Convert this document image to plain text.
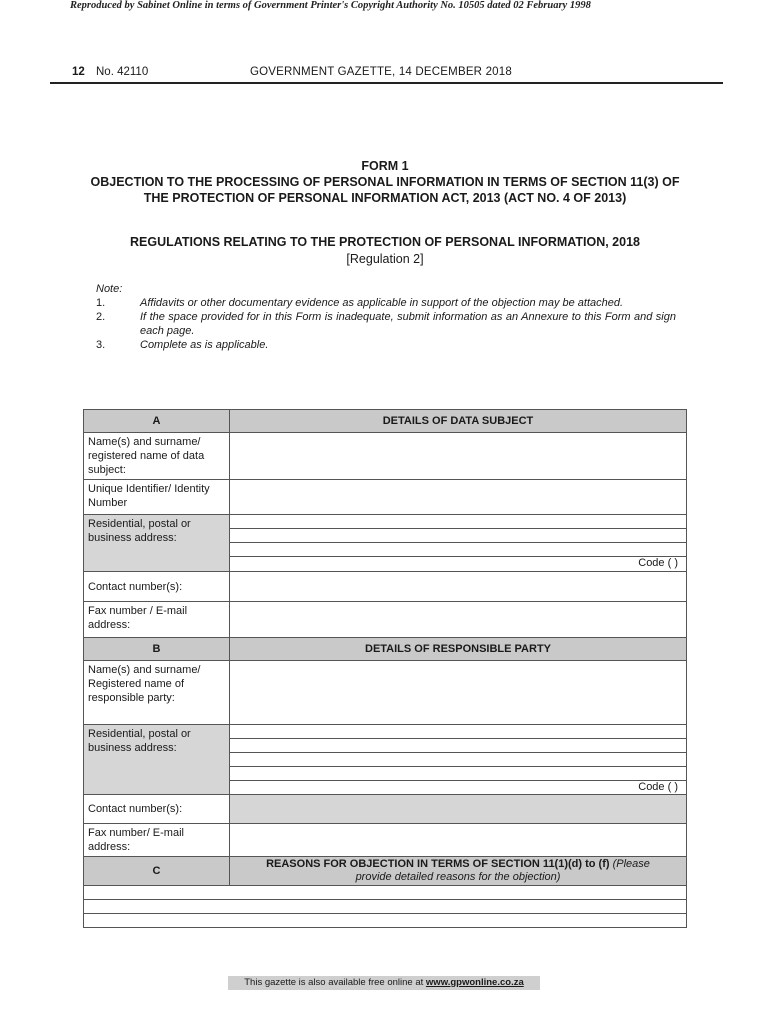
Reproduced by Sabinet Online in terms of Government Printer's Copyright Authority No. 10505 dated 02 February 1998
12 No. 42110	GOVERNMENT GAZETTE, 14 DECEMBER 2018
FORM 1
OBJECTION TO THE PROCESSING OF PERSONAL INFORMATION IN TERMS OF SECTION 11(3) OF THE PROTECTION OF PERSONAL INFORMATION ACT, 2013 (ACT NO. 4 OF 2013)
REGULATIONS RELATING TO THE PROTECTION OF PERSONAL INFORMATION, 2018
[Regulation 2]
Note:
1.	Affidavits or other documentary evidence as applicable in support of the objection may be attached.
2.	If the space provided for in this Form is inadequate, submit information as an Annexure to this Form and sign each page.
3.	Complete as is applicable.
A	DETAILS OF DATA SUBJECT
Name(s) and surname/ registered name of data subject:	
Unique Identifier/ Identity Number	
Residential, postal or business address:	Code ( )

Contact number(s):	
Fax number / E-mail address:	
B	DETAILS OF RESPONSIBLE PARTY
Name(s) and surname/ Registered name of responsible party:	
Residential, postal or business address:	Code ( )

Contact number(s):	
Fax number/ E-mail address:	
C	REASONS FOR OBJECTION IN TERMS OF SECTION 11(1)(d) to (f) (Please
provide detailed reasons for the objection)

This gazette is also available free online at www.gpwonline.co.za
